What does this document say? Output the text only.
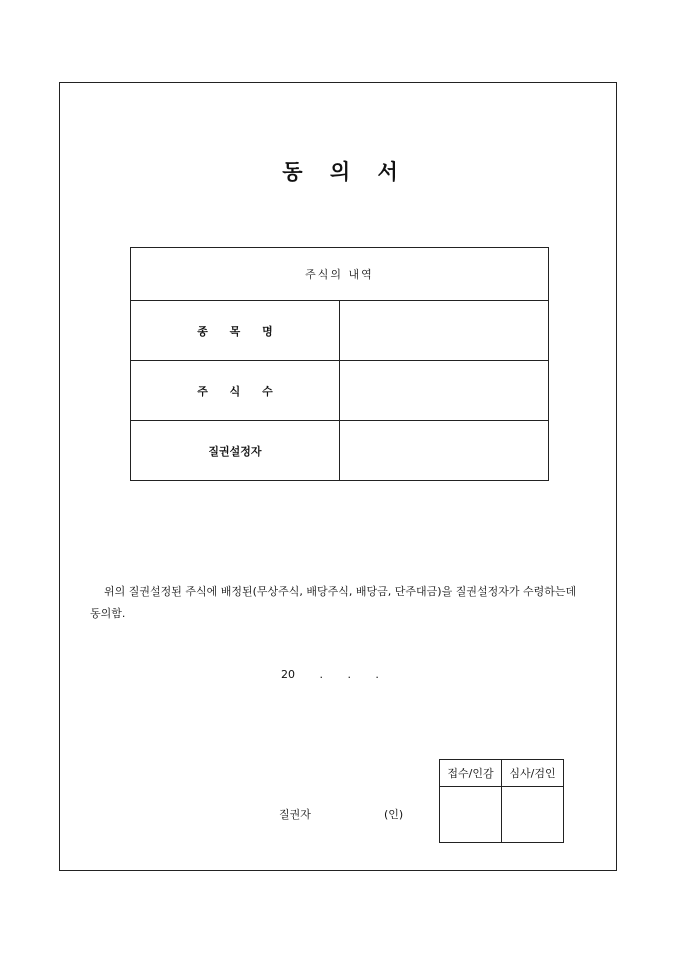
동 의 서
주식의 내역	
종 목 명	
주 식 수	
질권설정자	
위의 질권설정된 주식에 배정된(무상주식, 배당주식, 배당금, 단주대금)을 질권설정자가 수령하는데 동의함.
20       .       .       .
질권자	(인)
접수/인감	심사/검인
